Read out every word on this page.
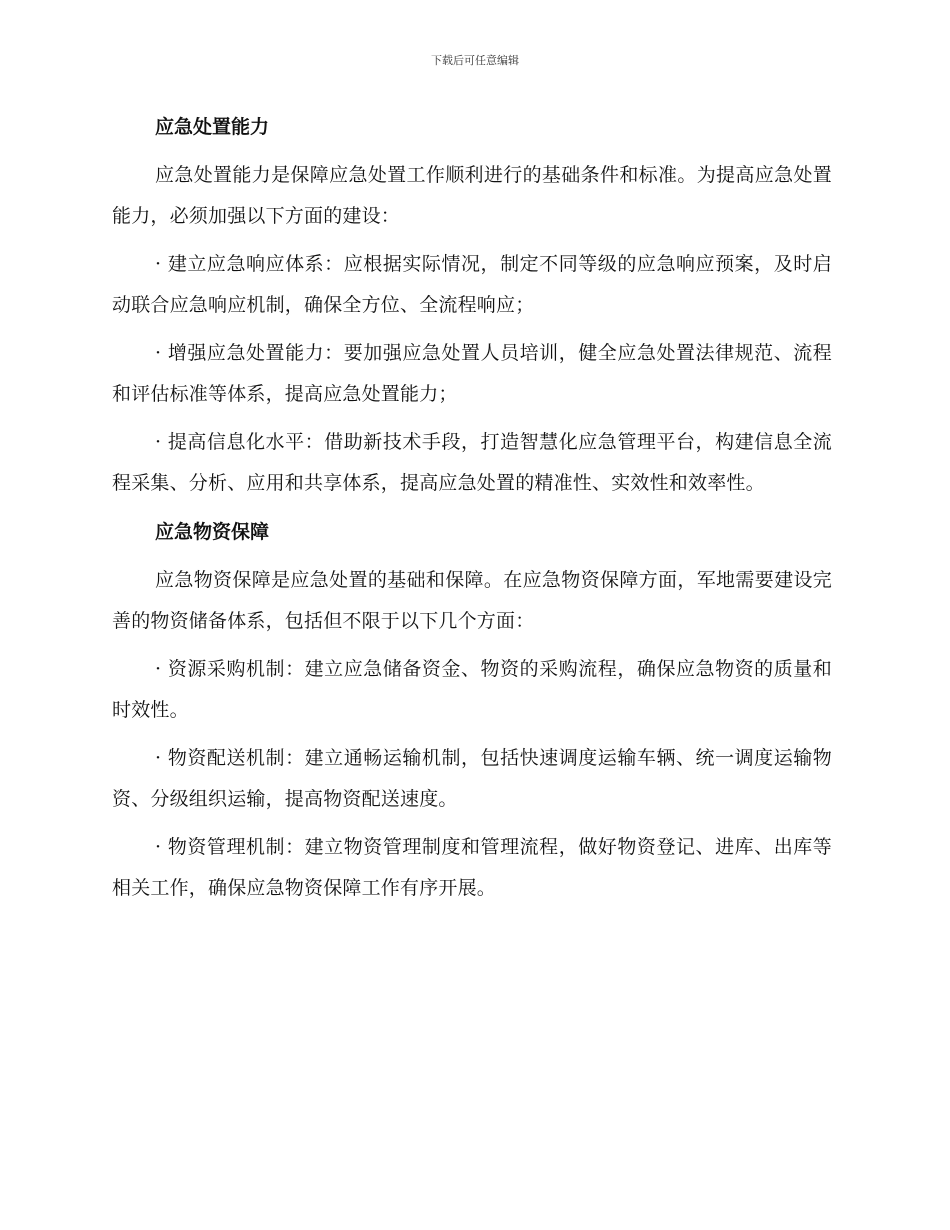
下载后可任意编辑
应急处置能力

应急处置能力是保障应急处置工作顺利进行的基础条件和标准。为提高应急处置能力，必须加强以下方面的建设：

· 建立应急响应体系：应根据实际情况，制定不同等级的应急响应预案，及时启动联合应急响应机制，确保全方位、全流程响应；

· 增强应急处置能力：要加强应急处置人员培训，健全应急处置法律规范、流程和评估标准等体系，提高应急处置能力；

· 提高信息化水平：借助新技术手段，打造智慧化应急管理平台，构建信息全流程采集、分析、应用和共享体系，提高应急处置的精准性、实效性和效率性。

应急物资保障

应急物资保障是应急处置的基础和保障。在应急物资保障方面，军地需要建设完善的物资储备体系，包括但不限于以下几个方面：

· 资源采购机制：建立应急储备资金、物资的采购流程，确保应急物资的质量和时效性。

· 物资配送机制：建立通畅运输机制，包括快速调度运输车辆、统一调度运输物资、分级组织运输，提高物资配送速度。

· 物资管理机制：建立物资管理制度和管理流程，做好物资登记、进库、出库等相关工作，确保应急物资保障工作有序开展。
